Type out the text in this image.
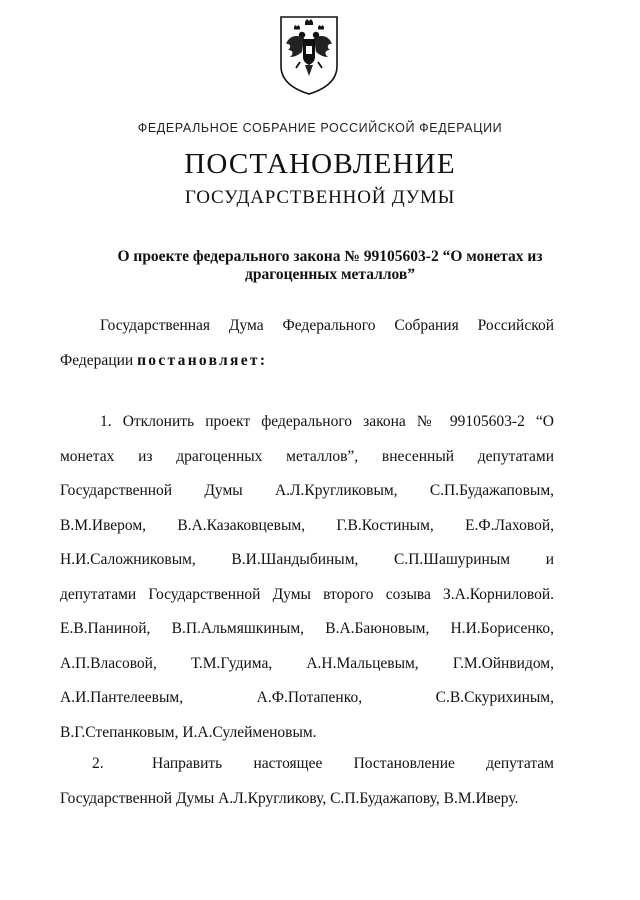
ФЕДЕРАЛЬНОЕ СОБРАНИЕ РОССИЙСКОЙ ФЕДЕРАЦИИ
ПОСТАНОВЛЕНИЕ
ГОСУДАРСТВЕННОЙ ДУМЫ
О проекте федерального закона № 99105603-2 “О монетах из
драгоценных металлов”
Государственная Дума Федерального Собрания Российской
Федерации постановляет:
1. Отклонить проект федерального закона № 99105603-2 “О
монетах из драгоценных металлов”, внесенный депутатами
Государственной Думы А.Л.Кругликовым, С.П.Будажаповым,
В.М.Ивером, В.А.Казаковцевым, Г.В.Костиным, Е.Ф.Лаховой,
Н.И.Саложниковым, В.И.Шандыбиным, С.П.Шашуриным и
депутатами Государственной Думы второго созыва З.А.Корниловой.
Е.В.Паниной, В.П.Альмяшкиным, В.А.Баюновым, Н.И.Борисенко,
А.П.Власовой, Т.М.Гудима, А.Н.Мальцевым, Г.М.Ойнвидом,
А.И.Пантелеевым, А.Ф.Потапенко, С.В.Скурихиным,
В.Г.Степанковым, И.А.Сулейменовым.
2.	Направить настоящее Постановление депутатам
Государственной Думы А.Л.Кругликову, С.П.Будажапову, В.М.Иверу.
